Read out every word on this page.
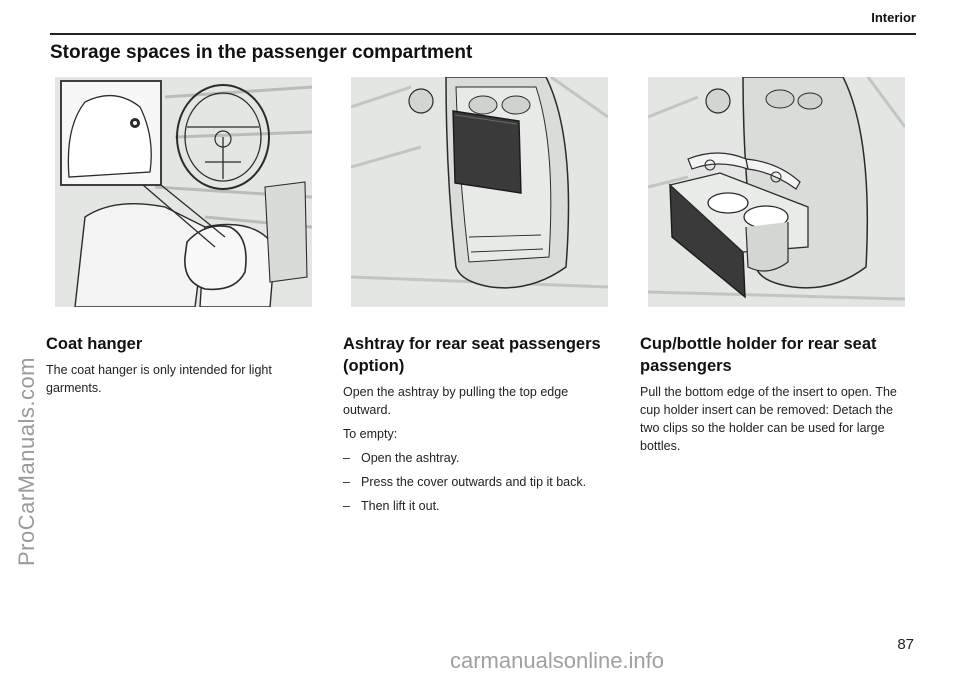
Interior
Storage spaces in the passenger compartment
Coat hanger

The coat hanger is only intended for light garments.

Ashtray for rear seat passengers (option)

Open the ashtray by pulling the top edge outward.

To empty:

– Open the ashtray.
– Press the cover outwards and tip it back.
– Then lift it out.
Cup/bottle holder for rear seat passengers

Pull the bottom edge of the insert to open. The cup holder insert can be removed: Detach the two clips so the holder can be used for large bottles.

87
ProCarManuals.com
carmanualsonline.info
